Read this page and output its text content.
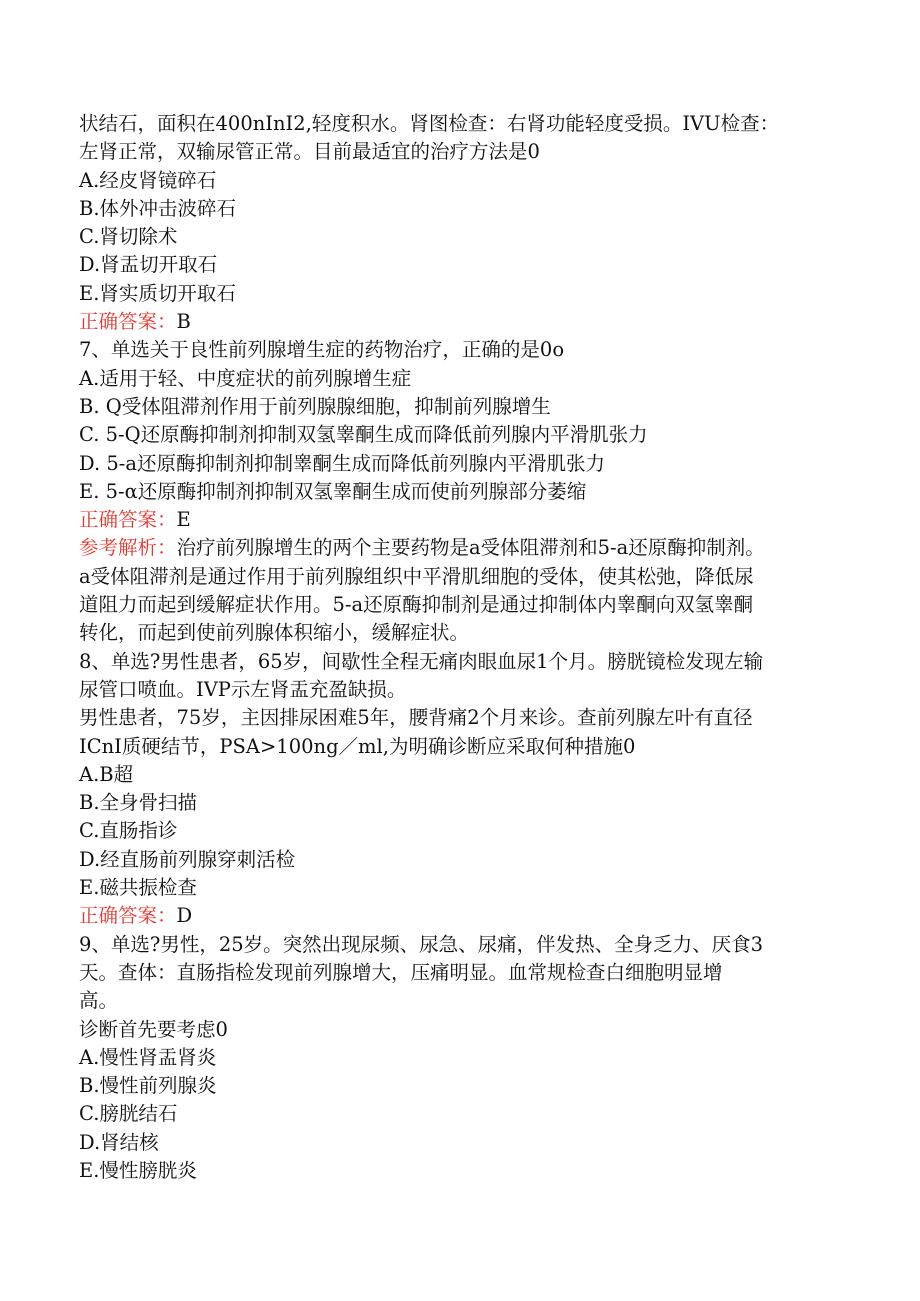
状结石，面积在400nInI2,轻度积水。肾图检查：右肾功能轻度受损。IVU检查：
左肾正常，双输尿管正常。目前最适宜的治疗方法是0
A.经皮肾镜碎石
B.体外冲击波碎石
C.肾切除术
D.肾盂切开取石
E.肾实质切开取石
正确答案：B
7、单选关于良性前列腺增生症的药物治疗，正确的是0o
A.适用于轻、中度症状的前列腺增生症
B. Q受体阻滞剂作用于前列腺腺细胞，抑制前列腺增生
C. 5-Q还原酶抑制剂抑制双氢睾酮生成而降低前列腺内平滑肌张力
D. 5-a还原酶抑制剂抑制睾酮生成而降低前列腺内平滑肌张力
E. 5-α还原酶抑制剂抑制双氢睾酮生成而使前列腺部分萎缩
正确答案：E
参考解析：治疗前列腺增生的两个主要药物是a受体阻滞剂和5-a还原酶抑制剂。
a受体阻滞剂是通过作用于前列腺组织中平滑肌细胞的受体，使其松弛，降低尿
道阻力而起到缓解症状作用。5-a还原酶抑制剂是通过抑制体内睾酮向双氢睾酮
转化，而起到使前列腺体积缩小，缓解症状。
8、单选?男性患者，65岁，间歇性全程无痛肉眼血尿1个月。膀胱镜检发现左输
尿管口喷血。IVP示左肾盂充盈缺损。
男性患者，75岁，主因排尿困难5年，腰背痛2个月来诊。查前列腺左叶有直径
ICnI质硬结节，PSA>100ng／ml,为明确诊断应采取何种措施0
A.B超
B.全身骨扫描
C.直肠指诊
D.经直肠前列腺穿刺活检
E.磁共振检查
正确答案：D
9、单选?男性，25岁。突然出现尿频、尿急、尿痛，伴发热、全身乏力、厌食3
天。查体：直肠指检发现前列腺增大，压痛明显。血常规检查白细胞明显增
高。
诊断首先要考虑0
A.慢性肾盂肾炎
B.慢性前列腺炎
C.膀胱结石
D.肾结核
E.慢性膀胱炎
